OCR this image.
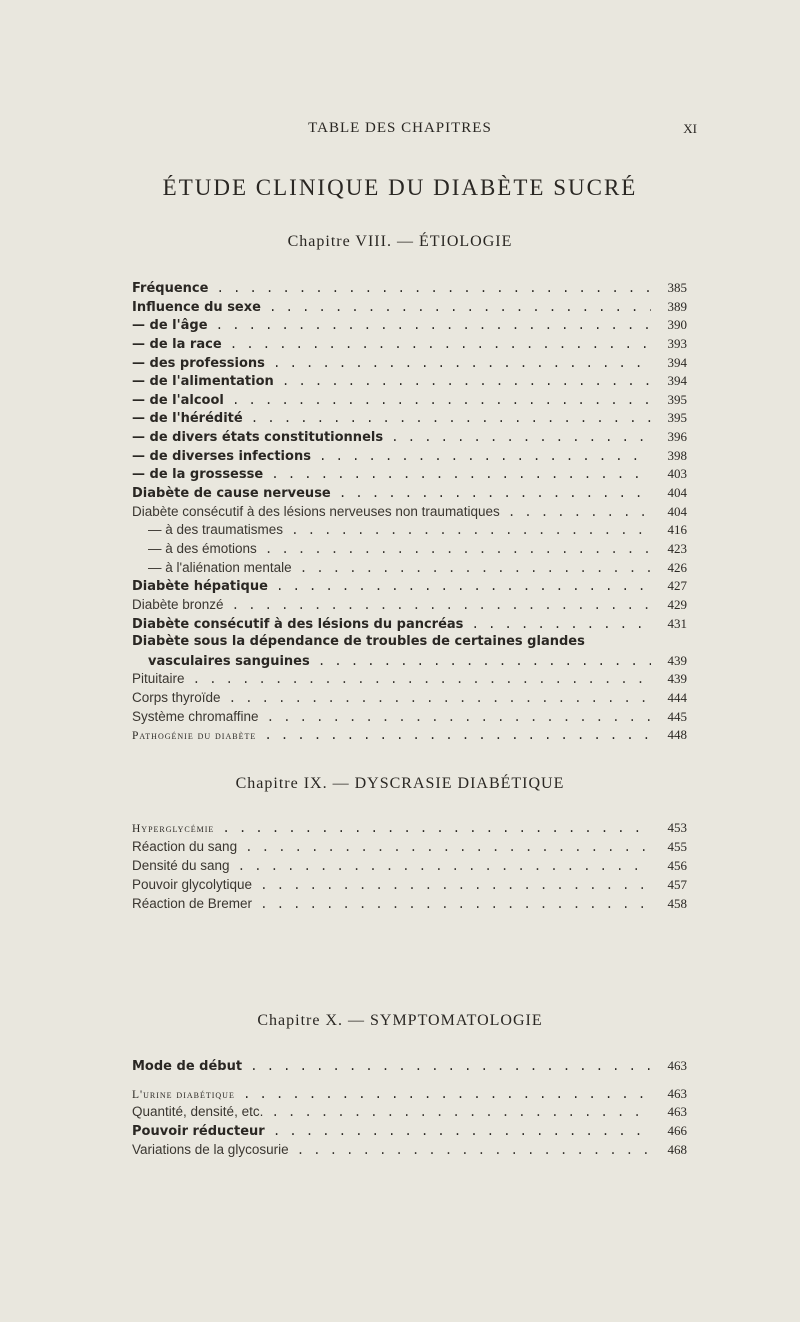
TABLE DES CHAPITRES	XI
ÉTUDE CLINIQUE DU DIABÈTE SUCRÉ
Chapitre VIII. — ÉTIOLOGIE
Fréquence . . .	385
Influence du sexe . . .	389
— de l'âge . . .	390
— de la race . . .	393
— des professions . . .	394
— de l'alimentation . . .	394
— de l'alcool . . .	395
— de l'hérédité . . .	395
— de divers états constitutionnels . . .	396
— de diverses infections . . .	398
— de la grossesse . . .	403
Diabète de cause nerveuse . . .	404
Diabète consécutif à des lésions nerveuses non traumatiques . . .	404
— à des traumatismes . . .	416
— à des émotions . . .	423
— à l'aliénation mentale . . .	426
Diabète hépatique . . .	427
Diabète bronzé . . .	429
Diabète consécutif à des lésions du pancréas . . .	431
Diabète sous la dépendance de troubles de certaines glandes
vasculaires sanguines . . .	439
Pituitaire . . .	439
Corps thyroïde . . .	444
Système chromaffine . . .	445
Pathogénie du diabète . . .	448
Chapitre IX. — DYSCRASIE DIABÉTIQUE
Hyperglycémie . . .	453
Réaction du sang . . .	455
Densité du sang . . .	456
Pouvoir glycolytique . . .	457
Réaction de Bremer . . .	458
Chapitre X. — SYMPTOMATOLOGIE
Mode de début . . .	463
L'urine diabétique . . .	463
Quantité, densité, etc. . . .	463
Pouvoir réducteur . . .	466
Variations de la glycosurie . . .	468
